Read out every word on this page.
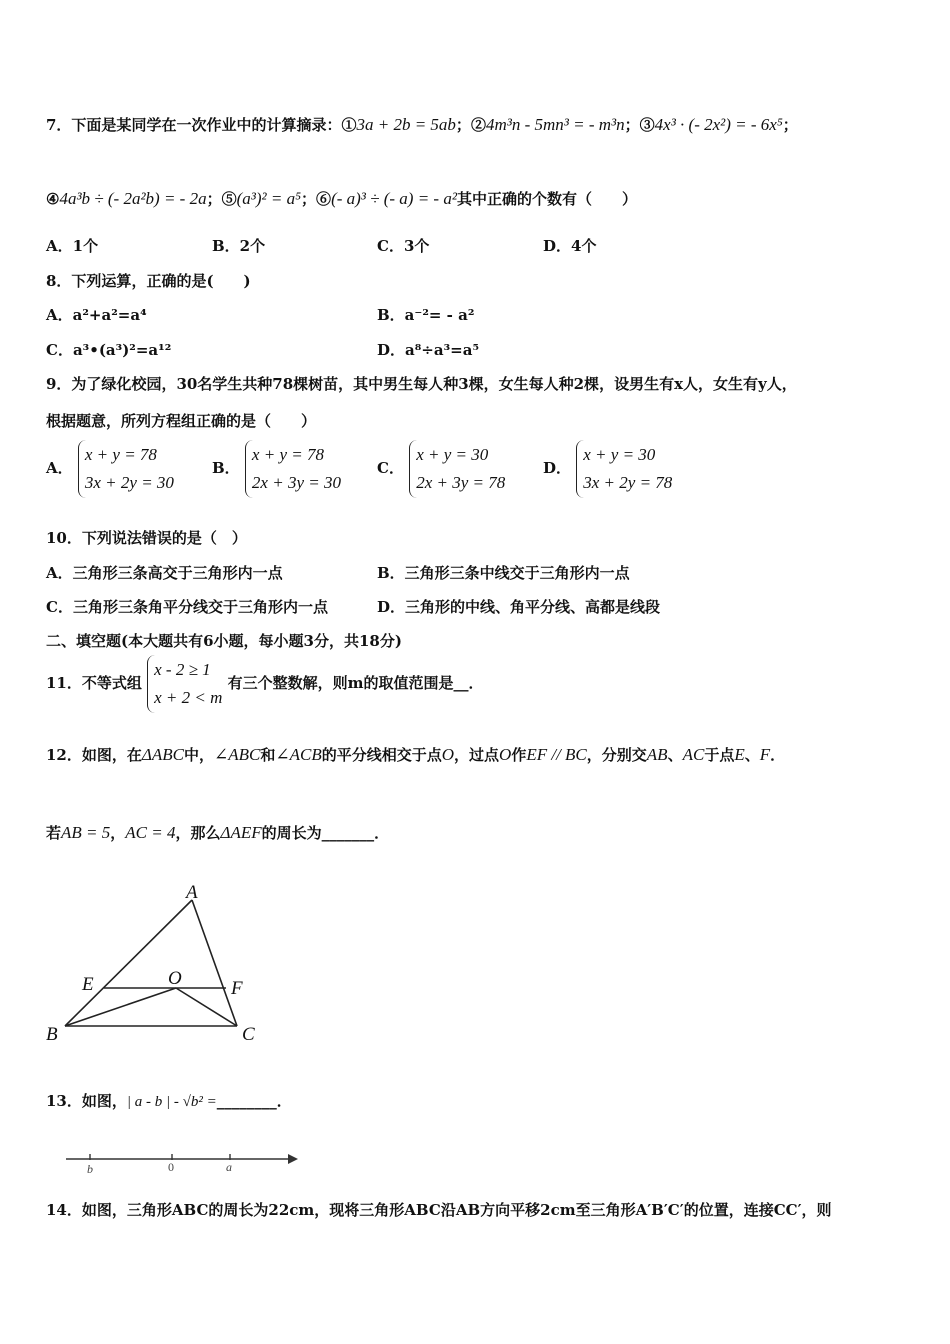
7．下面是某同学在一次作业中的计算摘录：①3a + 2b = 5ab；②4m³n - 5mn³ = - m³n；③4x³ · (- 2x²) = - 6x⁵；
④4a³b ÷ (- 2a²b) = - 2a；⑤(a³)² = a⁵；⑥(- a)³ ÷ (- a) = - a²其中正确的个数有（　　）
A．1个	B．2个	C．3个	D．4个
8．下列运算，正确的是(　　)
A．a²+a²=a⁴	B．a⁻²= - a²
C．a³•(a³)²=a¹²	D．a⁸÷a³=a⁵
9．为了绿化校园，30名学生共种78棵树苗，其中男生每人种3棵，女生每人种2棵，设男生有x人，女生有y人，
根据题意，所列方程组正确的是（　　）
A． x + y = 78
3x + 2y = 30
B． x + y = 78
2x + 3y = 30
C． x + y = 30
2x + 3y = 78
D． x + y = 30
3x + 2y = 78
10．下列说法错误的是（　）
A．三角形三条高交于三角形内一点	B．三角形三条中线交于三角形内一点
C．三角形三条角平分线交于三角形内一点	D．三角形的中线、角平分线、高都是线段
二、填空题(本大题共有6小题，每小题3分，共18分)
11．不等式组 x - 2 ≥ 1
x + 2 < m 有三个整数解，则m的取值范围是__．
12．如图，在ΔABC中，∠ABC和∠ACB的平分线相交于点O，过点O作EF // BC，分别交AB、AC于点E、F．
若AB = 5，AC = 4，那么ΔAEF的周长为_______．
A
B	C
E	F
O
13．如图，| a - b | - √b² =________．
b	0	a
14．如图，三角形ABC的周长为22cm，现将三角形ABC沿AB方向平移2cm至三角形A′B′C′的位置，连接CC′，则
